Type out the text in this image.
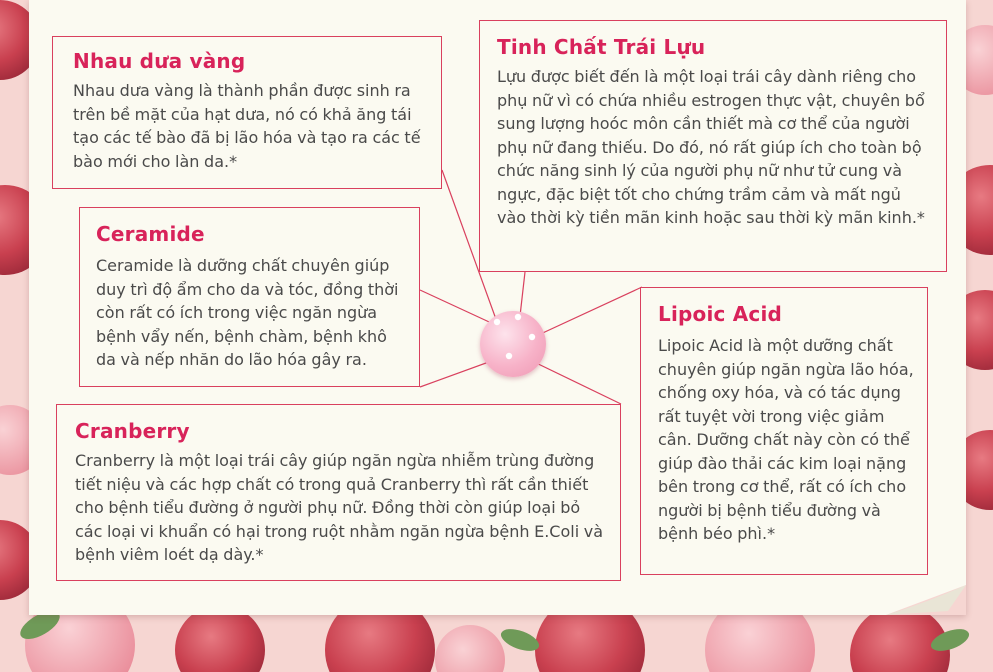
Nhau dưa vàng

Nhau dưa vàng là thành phần được sinh ra trên bề mặt của hạt dưa, nó có khả ăng tái tạo các tế bào đã bị lão hóa và tạo ra các tế bào mới cho làn da.*

Tinh Chất Trái Lựu

Lựu được biết đến là một loại trái cây dành riêng cho phụ nữ vì có chứa nhiều estrogen thực vật, chuyên bổ sung lượng hoóc môn cần thiết mà cơ thể của người phụ nữ đang thiếu. Do đó, nó rất giúp ích cho toàn bộ chức năng sinh lý của người phụ nữ như tử cung và ngực, đặc biệt tốt cho chứng trầm cảm và mất ngủ vào thời kỳ tiền mãn kinh hoặc sau thời kỳ mãn kinh.*

Ceramide

Ceramide là dưỡng chất chuyên giúp duy trì độ ẩm cho da và tóc, đồng thời còn rất có ích trong việc ngăn ngừa bệnh vẩy nến, bệnh chàm, bệnh khô da và nếp nhăn do lão hóa gây ra.

Lipoic Acid

Lipoic Acid là một dưỡng chất chuyên giúp ngăn ngừa lão hóa, chống oxy hóa, và có tác dụng rất tuyệt vời trong việc giảm cân. Dưỡng chất này còn có thể giúp đào thải các kim loại nặng bên trong cơ thể, rất có ích cho người bị bệnh tiểu đường và bệnh béo phì.*

Cranberry

Cranberry là một loại trái cây giúp ngăn ngừa nhiễm trùng đường tiết niệu và các hợp chất có trong quả Cranberry thì rất cần thiết cho bệnh tiểu đường ở người phụ nữ. Đồng thời còn giúp loại bỏ các loại vi khuẩn có hại trong ruột nhằm ngăn ngừa bệnh E.Coli và bệnh viêm loét dạ dày.*
